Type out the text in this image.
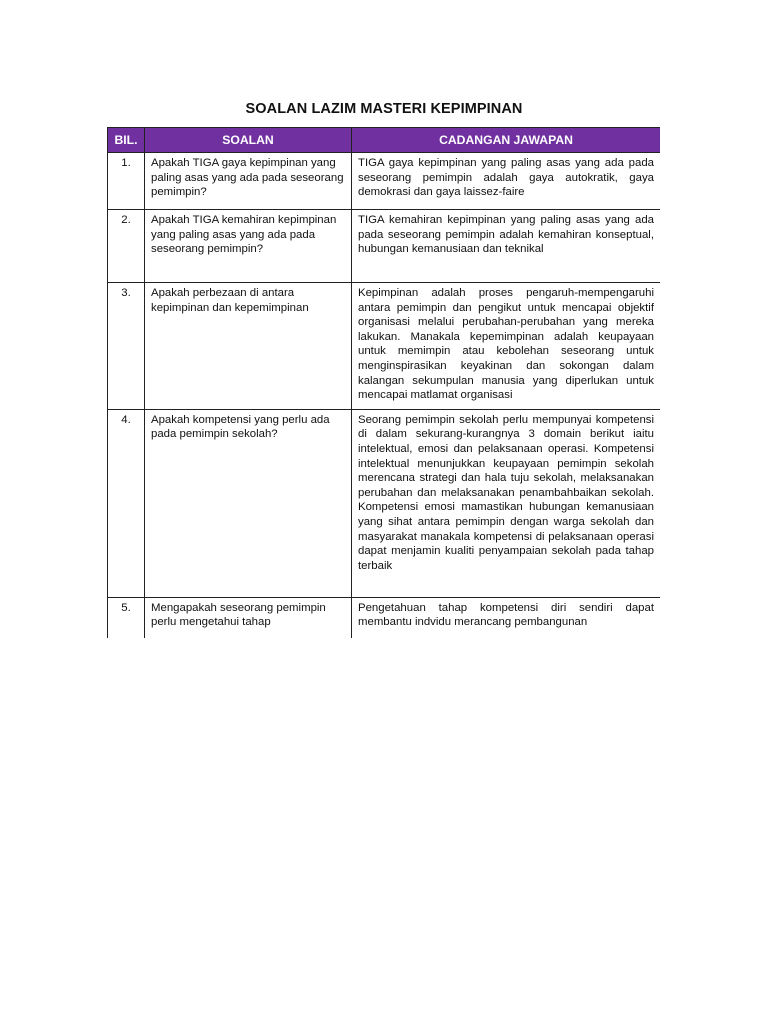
SOALAN LAZIM MASTERI KEPIMPINAN
BIL.	SOALAN	CADANGAN JAWAPAN
1.	Apakah TIGA gaya kepimpinan yang paling asas yang ada pada seseorang pemimpin?	TIGA gaya kepimpinan yang paling asas yang ada pada seseorang pemimpin adalah gaya autokratik, gaya demokrasi dan gaya laissez-faire
2.	Apakah TIGA kemahiran kepimpinan yang paling asas yang ada pada seseorang pemimpin?	TIGA kemahiran kepimpinan yang paling asas yang ada pada seseorang pemimpin adalah kemahiran konseptual, hubungan kemanusiaan dan teknikal
3.	Apakah perbezaan di antara kepimpinan dan kepemimpinan	Kepimpinan adalah proses pengaruh-mempengaruhi antara pemimpin dan pengikut untuk mencapai objektif organisasi melalui perubahan-perubahan yang mereka lakukan. Manakala kepemimpinan adalah keupayaan untuk memimpin atau kebolehan seseorang untuk menginspirasikan keyakinan dan sokongan dalam kalangan sekumpulan manusia yang diperlukan untuk mencapai matlamat organisasi
4.	Apakah kompetensi yang perlu ada pada pemimpin sekolah?	Seorang pemimpin sekolah perlu mempunyai kompetensi di dalam sekurang-kurangnya 3 domain berikut iaitu intelektual, emosi dan pelaksanaan operasi. Kompetensi intelektual menunjukkan keupayaan pemimpin sekolah merencana strategi dan hala tuju sekolah, melaksanakan perubahan dan melaksanakan penambahbaikan sekolah. Kompetensi emosi mamastikan hubungan kemanusiaan yang sihat antara pemimpin dengan warga sekolah dan masyarakat manakala kompetensi di pelaksanaan operasi dapat menjamin kualiti penyampaian sekolah pada tahap terbaik
5.	Mengapakah seseorang pemimpin perlu mengetahui tahap	Pengetahuan tahap kompetensi diri sendiri dapat membantu indvidu merancang pembangunan
